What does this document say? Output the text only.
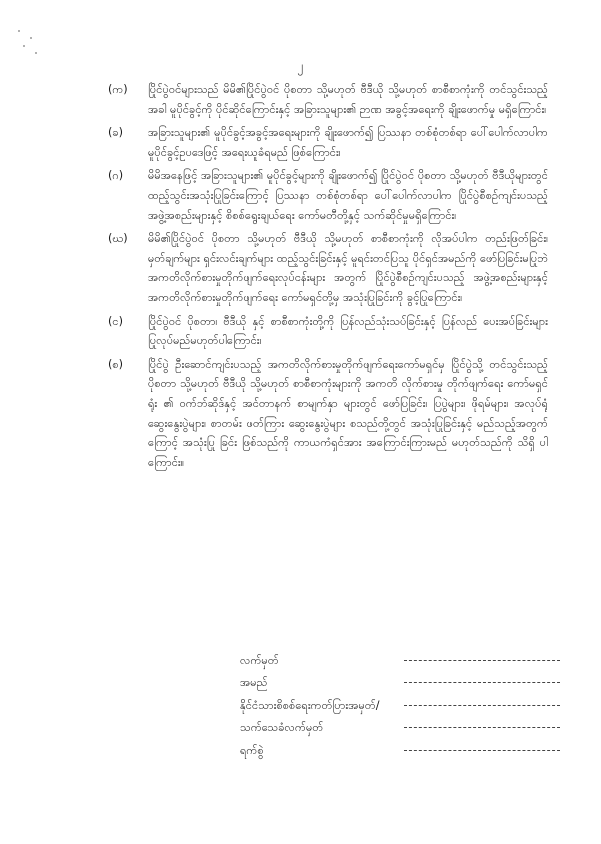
၂
(က)	ပြိုင်ပွဲဝင်များသည် မိမိ၏ပြိုင်ပွဲဝင် ပိုစတာ သို့မဟုတ် ဗီဒီယို သို့မဟုတ် စာစီစာကုံးကို တင်သွင်းသည့်အခါ မူပိုင်ခွင့်ကို ပိုင်ဆိုင်ကြောင်းနှင့် အခြားသူများ၏ ဉာဏ အခွင့်အရေးကို ချိုးဖောက်မှု မရှိကြောင်း၊
(ခ)	အခြားသူများ၏ မူပိုင်ခွင့်အခွင့်အရေးများကို ချိုးဖောက်၍ ပြဿနာ တစ်စုံတစ်ရာ ပေါ်ပေါက်လာပါက မူပိုင်ခွင့်ဥပဒေဖြင့် အရေးယူခံရမည် ဖြစ်ကြောင်း၊
(ဂ)	မိမိအနေဖြင့် အခြားသူများ၏ မူပိုင်ခွင့်များကို ချိုးဖောက်၍ ပြိုင်ပွဲဝင် ပိုစတာ သို့မဟုတ် ဗီဒီယိုများတွင် ထည့်သွင်းအသုံးပြုခြင်းကြောင့် ပြဿနာ တစ်စုံတစ်ရာ ပေါ်ပေါက်လာပါက ပြိုင်ပွဲစီစဉ်ကျင်းပသည့် အဖွဲ့အစည်းများနှင့် စိစစ်ရွေးချယ်ရေး ကော်မတီတို့နှင့် သက်ဆိုင်မှုမရှိကြောင်း၊
(ဃ)	မိမိ၏ပြိုင်ပွဲဝင် ပိုစတာ သို့မဟုတ် ဗီဒီယို သို့မဟုတ် စာစီစာကုံးကို လိုအပ်ပါက တည်းဖြတ်ခြင်း၊ မှတ်ချက်များ ရှင်းလင်းချက်များ ထည့်သွင်းခြင်းနှင့် မူရင်းတင်ပြသူ ပိုင်ရှင်အမည်ကို ဖော်ပြခြင်းမပြုဘဲ အကတိလိုက်စားမှုတိုက်ဖျက်ရေးလုပ်ငန်းများ အတွက် ပြိုင်ပွဲစီစဉ်ကျင်းပသည့် အဖွဲ့အစည်းများနှင့် အကတိလိုက်စားမှုတိုက်ဖျက်ရေး ကော်မရှင်တို့မှ အသုံးပြုခြင်းကို ခွင့်ပြုကြောင်း၊
(င)	ပြိုင်ပွဲဝင် ပိုစတာ၊ ဗီဒီယို နှင့် စာစီစာကုံးတို့ကို ပြန်လည်သုံးသပ်ခြင်းနှင့် ပြန်လည် ပေးအပ်ခြင်းများ ပြုလုပ်မည်မဟုတ်ပါကြောင်း၊
(စ)	ပြိုင်ပွဲ ဦးဆောင်ကျင်းပသည့် အကတိလိုက်စားမှုတိုက်ဖျက်ရေးကော်မရှင်မှ ပြိုင်ပွဲသို့ တင်သွင်းသည့်ပိုစတာ သို့မဟုတ် ဗီဒီယို သို့မဟုတ် စာစီစာကုံးများကို အကတိ လိုက်စားမှု တိုက်ဖျက်ရေး ကော်မရှင်ရုံး ၏ ဝက်ဘ်ဆိုဒ်နှင့် အင်တာနက် စာမျက်နှာ များတွင် ဖော်ပြခြင်း၊ ပြပွဲများ၊ ဖိုရမ်များ၊ အလုပ်ရုံဆွေးနွေးပွဲများ၊ စာတမ်း ဖတ်ကြား ဆွေးနွေးပွဲများ စသည်တို့တွင် အသုံးပြုခြင်းနှင့် မည်သည့်အတွက်ကြောင့် အသုံးပြု ခြင်း ဖြစ်သည်ကို ကာယကံရှင်အား အကြောင်းကြားမည် မဟုတ်သည်ကို သိရှိ ပါကြောင်း။
လက်မှတ်
အမည်
နိုင်ငံသားစိစစ်ရေးကတ်ပြားအမှတ်/
သက်သေခံလက်မှတ်
ရက်စွဲ
